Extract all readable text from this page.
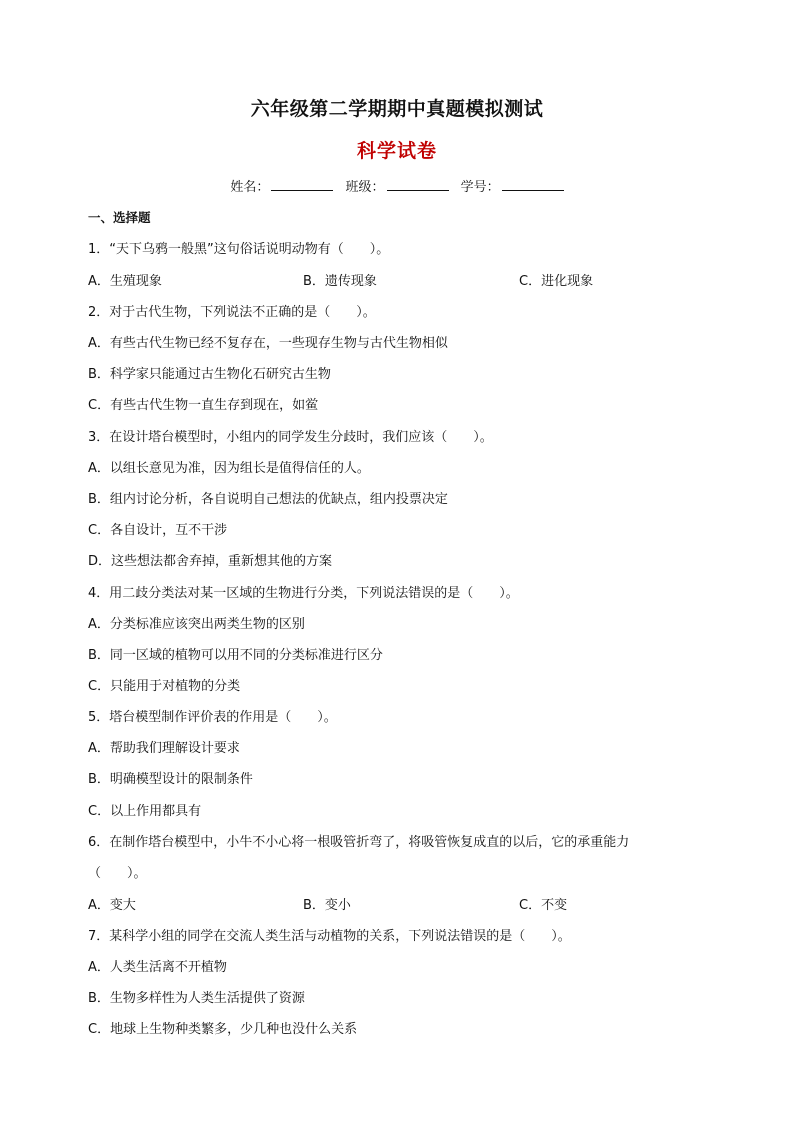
六年级第二学期期中真题模拟测试
科学试卷
姓名：	班级：	学号：
一、选择题
1．“天下乌鸦一般黑”这句俗话说明动物有（　　）。
A．生殖现象	B．遗传现象	C．进化现象
2．对于古代生物，下列说法不正确的是（　　）。
A．有些古代生物已经不复存在，一些现存生物与古代生物相似
B．科学家只能通过古生物化石研究古生物
C．有些古代生物一直生存到现在，如鲎
3．在设计塔台模型时，小组内的同学发生分歧时，我们应该（　　）。
A．以组长意见为准，因为组长是值得信任的人。
B．组内讨论分析，各自说明自己想法的优缺点，组内投票决定
C．各自设计，互不干涉
D．这些想法都舍弃掉，重新想其他的方案
4．用二歧分类法对某一区域的生物进行分类，下列说法错误的是（　　）。
A．分类标准应该突出两类生物的区别
B．同一区域的植物可以用不同的分类标准进行区分
C．只能用于对植物的分类
5．塔台模型制作评价表的作用是（　　）。
A．帮助我们理解设计要求
B．明确模型设计的限制条件
C．以上作用都具有
6．在制作塔台模型中，小牛不小心将一根吸管折弯了，将吸管恢复成直的以后，它的承重能力
（　　）。
A．变大	B．变小	C．不变
7．某科学小组的同学在交流人类生活与动植物的关系，下列说法错误的是（　　）。
A．人类生活离不开植物
B．生物多样性为人类生活提供了资源
C．地球上生物种类繁多，少几种也没什么关系
